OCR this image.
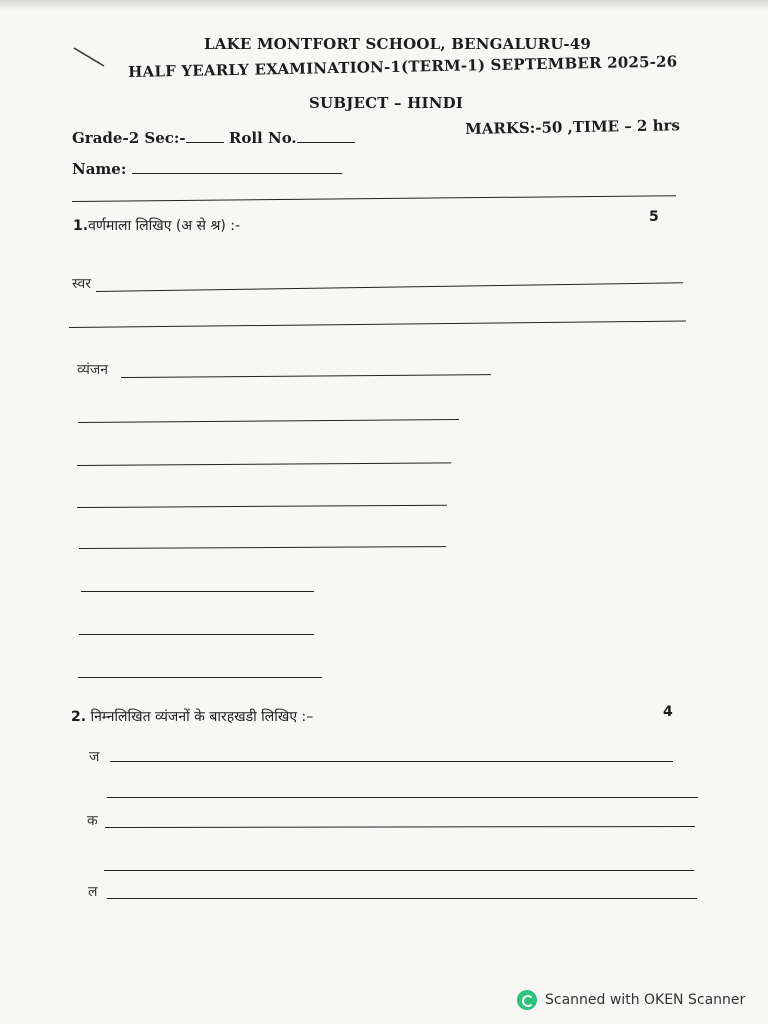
LAKE MONTFORT SCHOOL, BENGALURU-49
HALF YEARLY EXAMINATION-1(TERM-1) SEPTEMBER 2025-26
SUBJECT – HINDI
Grade-2 Sec:-	Roll No.
MARKS:-50 ,TIME – 2 hrs
Name:
1.वर्णमाला लिखिए (अ से श्र) :-
5
स्वर
व्यंजन
2. निम्नलिखित व्यंजनों के बारहखडी लिखिए :–	4
ज
क
ल
Scanned with OKEN Scanner
